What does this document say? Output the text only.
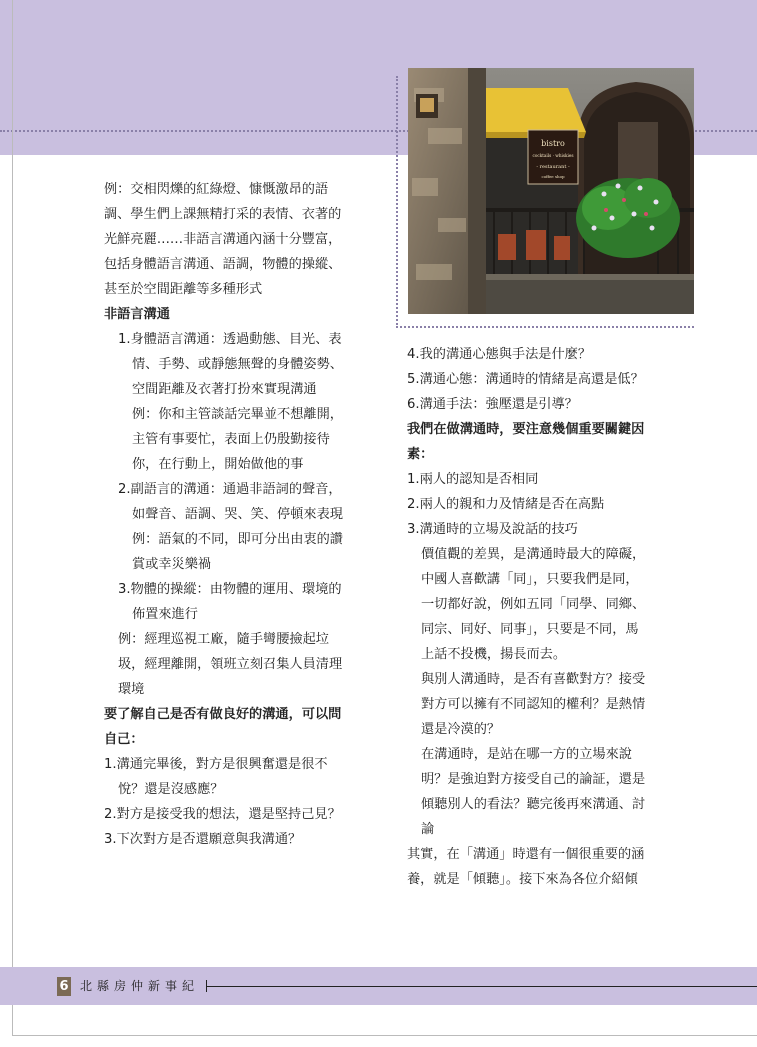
bistro
cocktails · whiskies
- restaurant -
coffee shop

例：交相閃爍的紅綠燈、慷慨激昂的語

調、學生們上課無精打采的表情、衣著的

光鮮亮麗……非語言溝通內涵十分豐富，

包括身體語言溝通、語調，物體的操縱、

甚至於空間距離等多種形式

非語言溝通

1.身體語言溝通：透過動態、目光、表

情、手勢、或靜態無聲的身體姿勢、

空間距離及衣著打扮來實現溝通

例：你和主管談話完畢並不想離開，

主管有事要忙，表面上仍殷勤接待

你，在行動上，開始做他的事

2.副語言的溝通：通過非語詞的聲音，

如聲音、語調、哭、笑、停頓來表現

例：語氣的不同，即可分出由衷的讚

賞或幸災樂禍

3.物體的操縱：由物體的運用、環境的

佈置來進行

例：經理巡視工廠，隨手彎腰撿起垃

圾，經理離開，領班立刻召集人員清理

環境

要了解自己是否有做良好的溝通，可以問

自己：

1.溝通完畢後，對方是很興奮還是很不

悅？還是沒感應？

2.對方是接受我的想法，還是堅持己見？

3.下次對方是否還願意與我溝通？

4.我的溝通心態與手法是什麼？

5.溝通心態：溝通時的情緒是高還是低？

6.溝通手法：強壓還是引導？

我們在做溝通時，要注意幾個重要關鍵因

素：

1.兩人的認知是否相同

2.兩人的親和力及情緒是否在高點

3.溝通時的立場及說話的技巧

價值觀的差異，是溝通時最大的障礙，

中國人喜歡講「同」，只要我們是同，

一切都好說，例如五同「同學、同鄉、

同宗、同好、同事」，只要是不同，馬

上話不投機，揚長而去。

與別人溝通時，是否有喜歡對方？接受

對方可以擁有不同認知的權利？是熱情

還是冷漠的？

在溝通時，是站在哪一方的立場來說

明？是強迫對方接受自己的論証，還是

傾聽別人的看法？聽完後再來溝通、討

論

其實，在「溝通」時還有一個很重要的涵

養，就是「傾聽」。接下來為各位介紹傾

6 北縣房仲新事紀
